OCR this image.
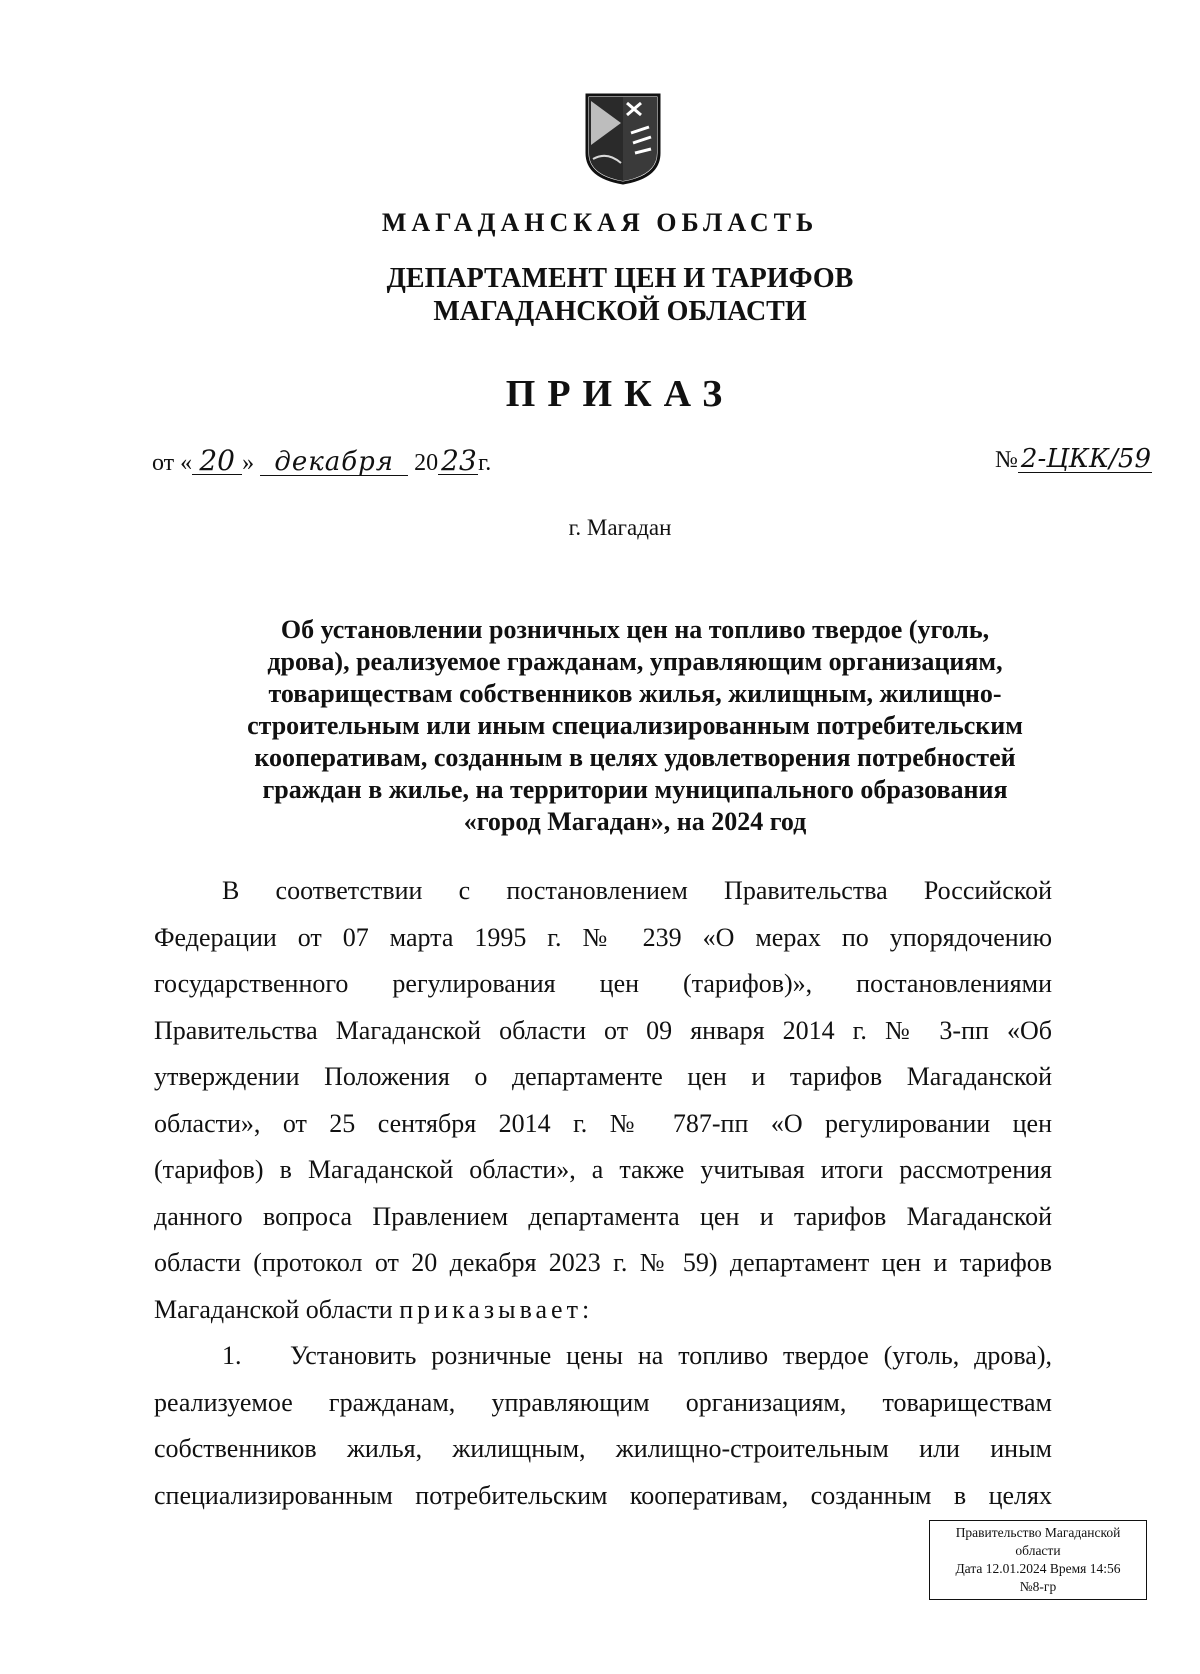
МАГАДАНСКАЯ ОБЛАСТЬ
ДЕПАРТАМЕНТ ЦЕН И ТАРИФОВ
МАГАДАНСКОЙ ОБЛАСТИ
ПРИКАЗ
от « 20 » декабря 20 23г.	№ 2-ЦКК/59
г. Магадан
Об установлении розничных цен на топливо твердое (уголь,
дрова), реализуемое гражданам, управляющим организациям,
товариществам собственников жилья, жилищным, жилищно-
строительным или иным специализированным потребительским
кооперативам, созданным в целях удовлетворения потребностей
граждан в жилье, на территории муниципального образования
«город Магадан», на 2024 год
В соответствии с постановлением Правительства Российской
Федерации от 07 марта 1995 г. № 239 «О мерах по упорядочению
государственного регулирования цен (тарифов)», постановлениями
Правительства Магаданской области от 09 января 2014 г. № 3-пп «Об
утверждении Положения о департаменте цен и тарифов Магаданской
области», от 25 сентября 2014 г. № 787-пп «О регулировании цен
(тарифов) в Магаданской области», а также учитывая итоги рассмотрения
данного вопроса Правлением департамента цен и тарифов Магаданской
области (протокол от 20 декабря 2023 г. № 59) департамент цен и тарифов
Магаданской области приказывает:
1. Установить розничные цены на топливо твердое (уголь, дрова),
реализуемое гражданам, управляющим организациям, товариществам
собственников жилья, жилищным, жилищно-строительным или иным
специализированным потребительским кооперативам, созданным в целях
Правительство Магаданской
области
Дата 12.01.2024 Время 14:56
№8-гр
